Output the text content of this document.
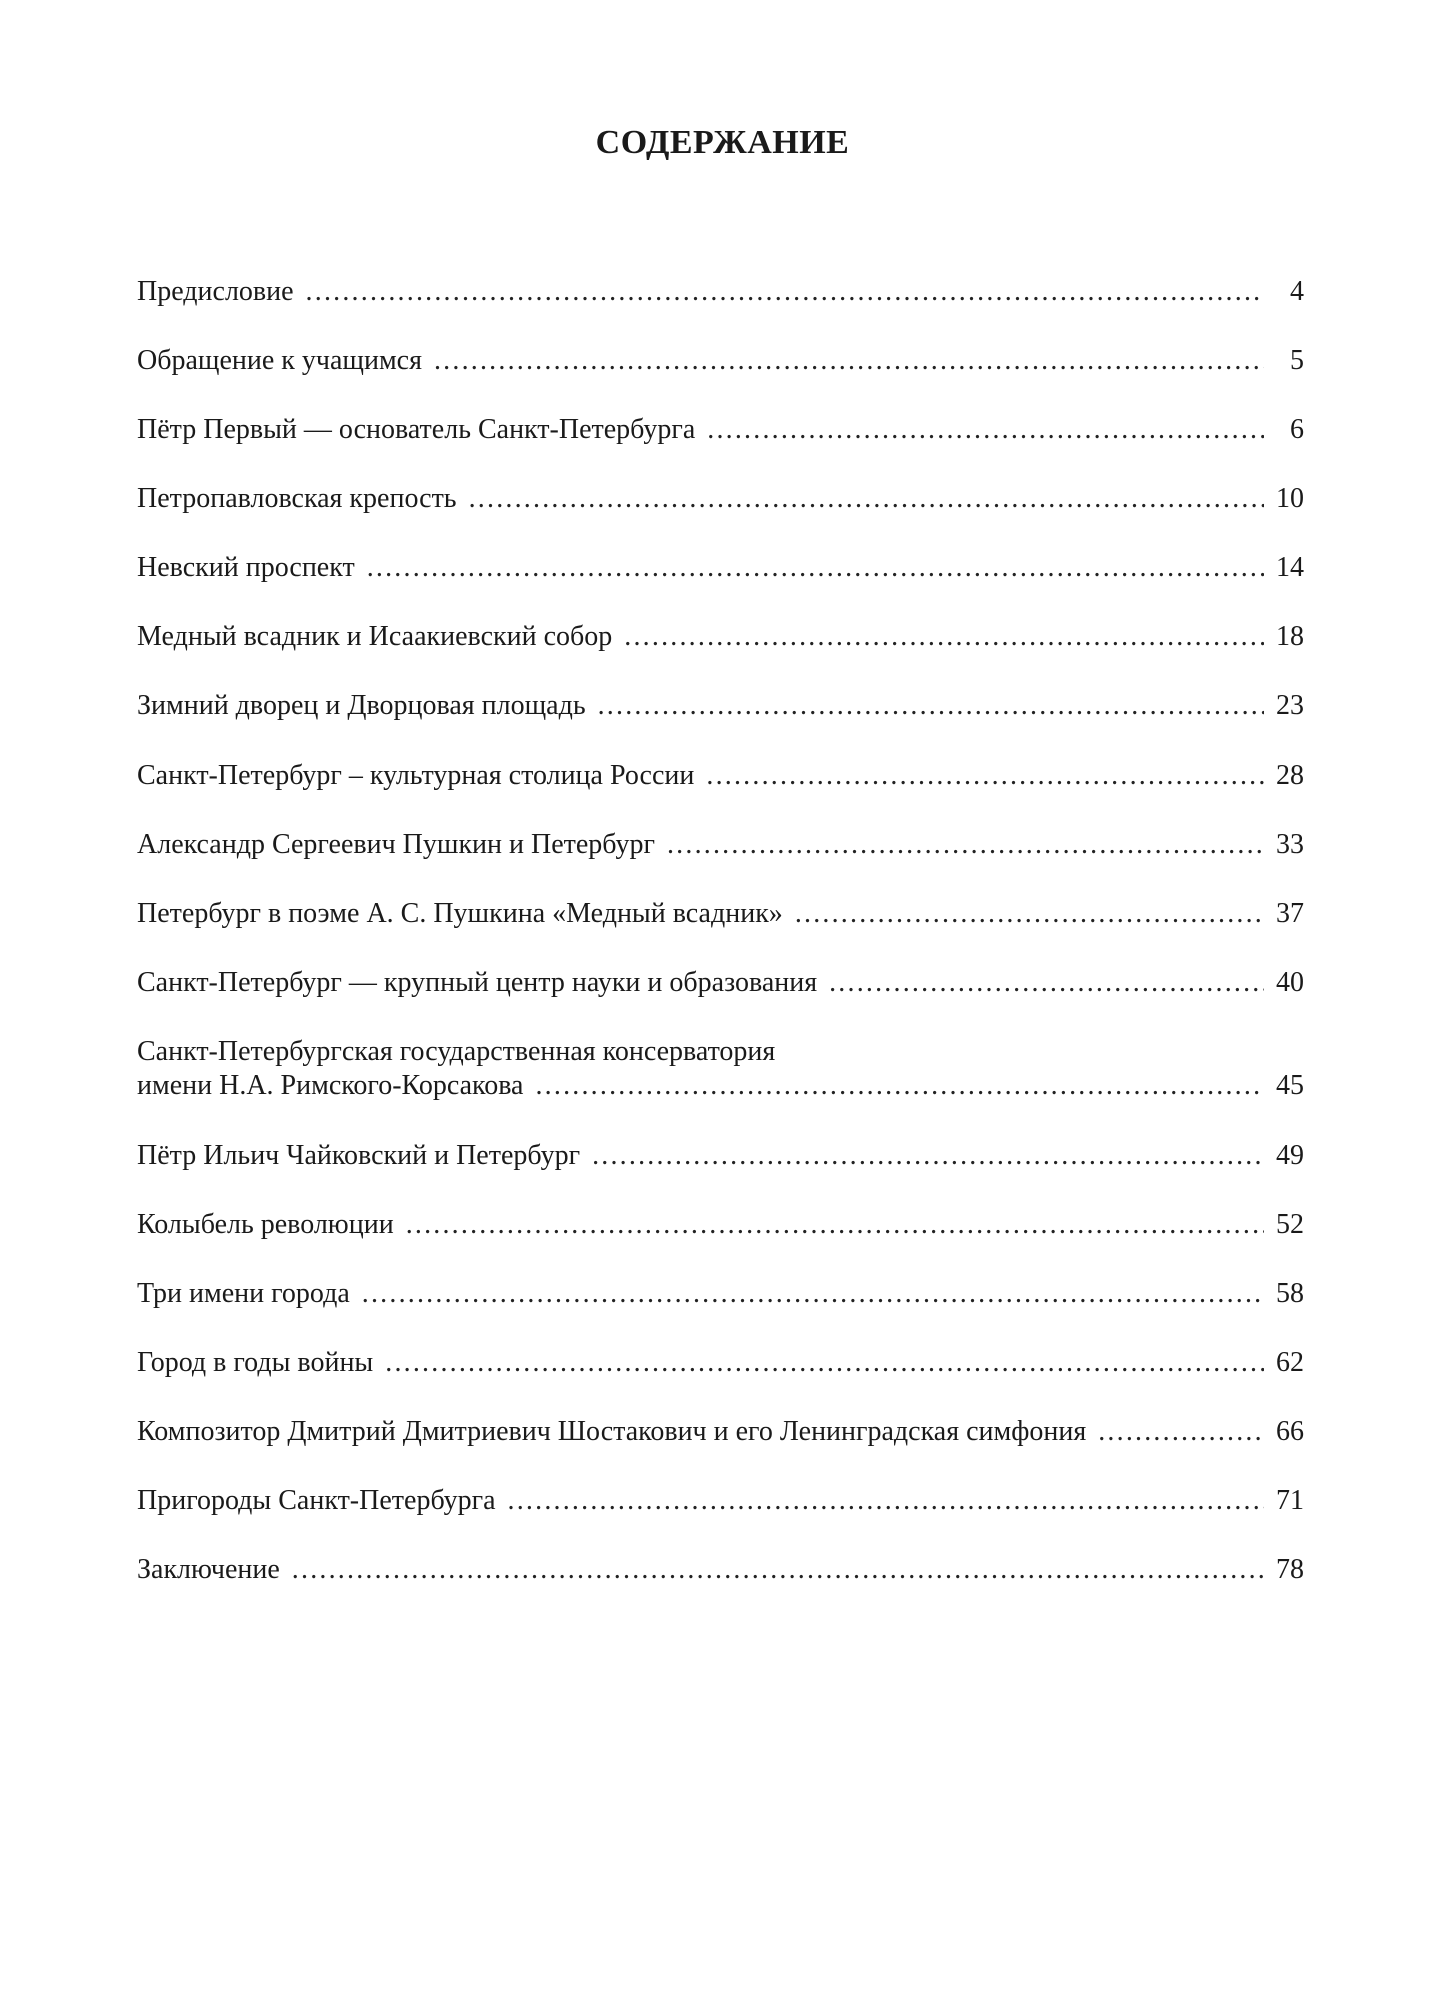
СОДЕРЖАНИЕ
Предисловие .....	4
Обращение к учащимся .....	5
Пётр Первый — основатель Санкт-Петербурга .....	6
Петропавловская крепость .....	10
Невский проспект .....	14
Медный всадник и Исаакиевский собор .....	18
Зимний дворец и Дворцовая площадь .....	23
Санкт-Петербург – культурная столица России .....	28
Александр Сергеевич Пушкин и Петербург .....	33
Петербург в поэме А. С. Пушкина «Медный всадник» .....	37
Санкт-Петербург — крупный центр науки и образования .....	40
Санкт-Петербургская государственная консерватория
имени Н.А. Римского-Корсакова .....	45
Пётр Ильич Чайковский и Петербург .....	49
Колыбель революции .....	52
Три имени города .....	58
Город в годы войны .....	62
Композитор Дмитрий Дмитриевич Шостакович и его Ленинградская симфония .....	66
Пригороды Санкт-Петербурга .....	71
Заключение .....	78
